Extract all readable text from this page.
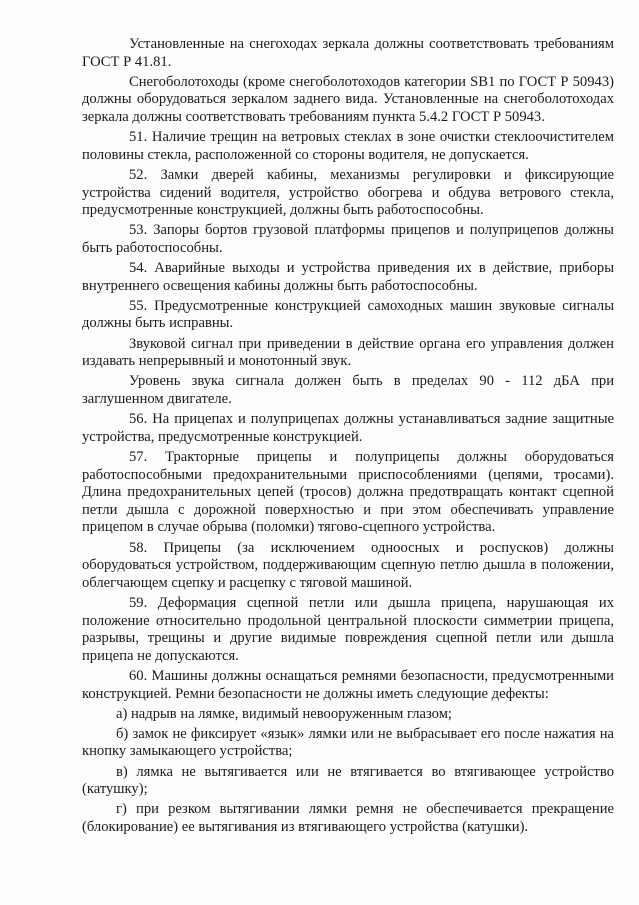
Установленные на снегоходах зеркала должны соответствовать требованиям ГОСТ Р 41.81.

Снегоболотоходы (кроме снегоболотоходов категории SB1 по ГОСТ Р 50943) должны оборудоваться зеркалом заднего вида. Установленные на снегоболотоходах зеркала должны соответствовать требованиям пункта 5.4.2 ГОСТ Р 50943.

51. Наличие трещин на ветровых стеклах в зоне очистки стеклоочистителем половины стекла, расположенной со стороны водителя, не допускается.

52. Замки дверей кабины, механизмы регулировки и фиксирующие устройства сидений водителя, устройство обогрева и обдува ветрового стекла, предусмотренные конструкцией, должны быть работоспособны.

53. Запоры бортов грузовой платформы прицепов и полуприцепов должны быть работоспособны.

54. Аварийные выходы и устройства приведения их в действие, приборы внутреннего освещения кабины должны быть работоспособны.

55. Предусмотренные конструкцией самоходных машин звуковые сигналы должны быть исправны.

Звуковой сигнал при приведении в действие органа его управления должен издавать непрерывный и монотонный звук.

Уровень звука сигнала должен быть в пределах 90 - 112 дБА при заглушенном двигателе.

56. На прицепах и полуприцепах должны устанавливаться задние защитные устройства, предусмотренные конструкцией.

57. Тракторные прицепы и полуприцепы должны оборудоваться работоспособными предохранительными приспособлениями (цепями, тросами). Длина предохранительных цепей (тросов) должна предотвращать контакт сцепной петли дышла с дорожной поверхностью и при этом обеспечивать управление прицепом в случае обрыва (поломки) тягово-сцепного устройства.

58. Прицепы (за исключением одноосных и роспусков) должны оборудоваться устройством, поддерживающим сцепную петлю дышла в положении, облегчающем сцепку и расцепку с тяговой машиной.

59. Деформация сцепной петли или дышла прицепа, нарушающая их положение относительно продольной центральной плоскости симметрии прицепа, разрывы, трещины и другие видимые повреждения сцепной петли или дышла прицепа не допускаются.

60. Машины должны оснащаться ремнями безопасности, предусмотренными конструкцией. Ремни безопасности не должны иметь следующие дефекты:

а) надрыв на лямке, видимый невооруженным глазом;

б) замок не фиксирует «язык» лямки или не выбрасывает его после нажатия на кнопку замыкающего устройства;

в) лямка не вытягивается или не втягивается во втягивающее устройство (катушку);

г) при резком вытягивании лямки ремня не обеспечивается прекращение (блокирование) ее вытягивания из втягивающего устройства (катушки).
